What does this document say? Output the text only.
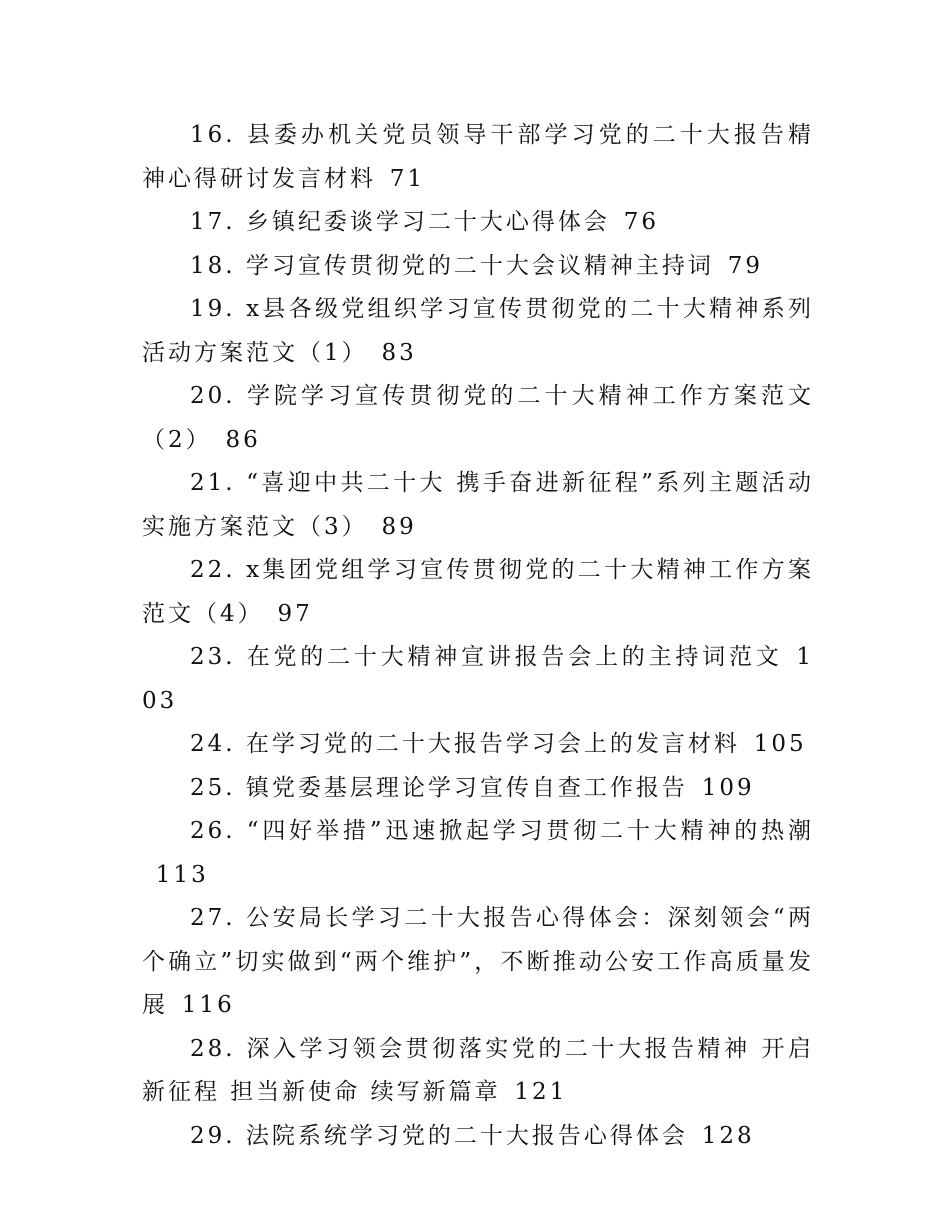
16. 县委办机关党员领导干部学习党的二十大报告精神心得研讨发言材料 71

17. 乡镇纪委谈学习二十大心得体会 76

18. 学习宣传贯彻党的二十大会议精神主持词 79

19. x县各级党组织学习宣传贯彻党的二十大精神系列活动方案范文（1） 83

20. 学院学习宣传贯彻党的二十大精神工作方案范文（2） 86

21. “喜迎中共二十大 携手奋进新征程”系列主题活动实施方案范文（3） 89

22. x集团党组学习宣传贯彻党的二十大精神工作方案范文（4） 97

23. 在党的二十大精神宣讲报告会上的主持词范文 103

24. 在学习党的二十大报告学习会上的发言材料 105

25. 镇党委基层理论学习宣传自查工作报告 109

26. “四好举措”迅速掀起学习贯彻二十大精神的热潮113

27. 公安局长学习二十大报告心得体会：深刻领会“两个确立”切实做到“两个维护”，不断推动公安工作高质量发展 116

28. 深入学习领会贯彻落实党的二十大报告精神 开启新征程 担当新使命 续写新篇章 121

29. 法院系统学习党的二十大报告心得体会 128
